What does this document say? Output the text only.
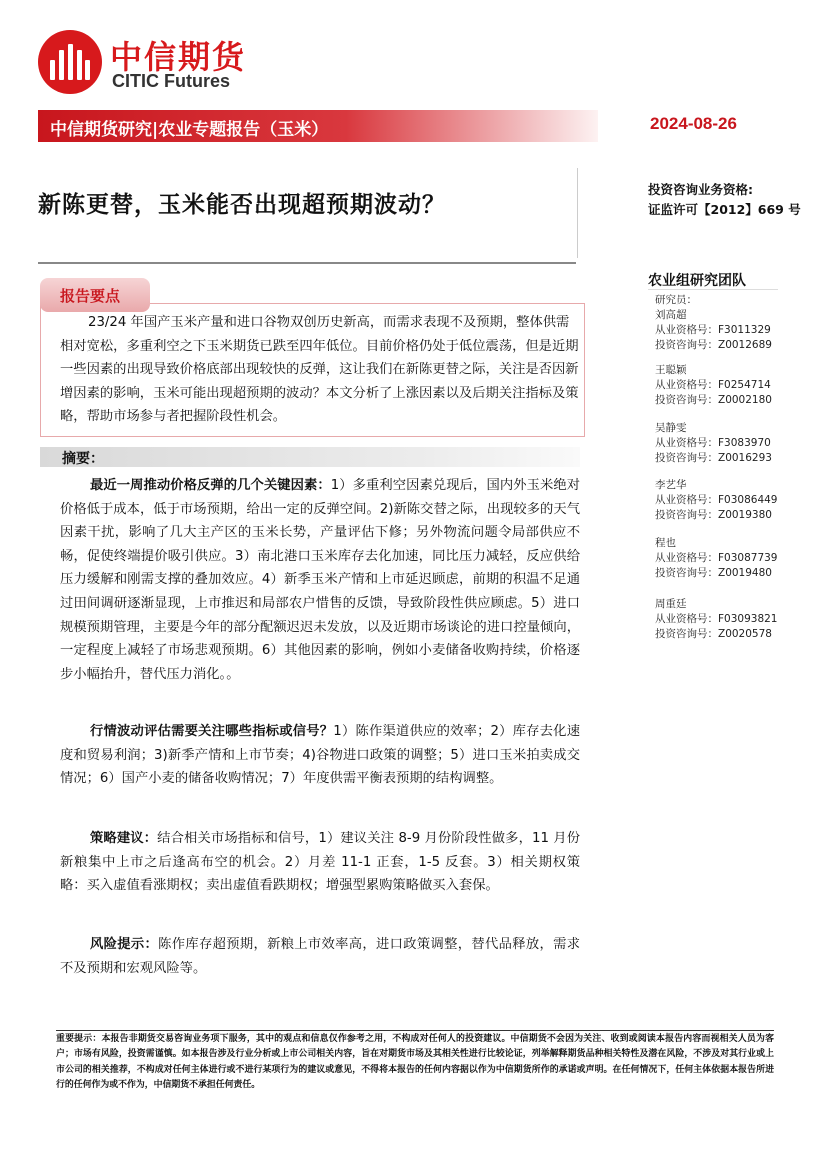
中信期货
CITIC Futures
中信期货研究|农业专题报告（玉米）	2024-08-26
新陈更替，玉米能否出现超预期波动？
投资咨询业务资格:
证监许可【2012】669 号
农业组研究团队
研究员：
刘高超
从业资格号：F3011329
投资咨询号：Z0012689
王聪颖
从业资格号：F0254714
投资咨询号：Z0002180
吴静雯
从业资格号：F3083970
投资咨询号：Z0016293
李艺华
从业资格号：F03086449
投资咨询号：Z0019380
程也
从业资格号：F03087739
投资咨询号：Z0019480
周重廷
从业资格号：F03093821
投资咨询号：Z0020578
报告要点
23/24 年国产玉米产量和进口谷物双创历史新高，而需求表现不及预期，整体供需相对宽松，多重利空之下玉米期货已跌至四年低位。目前价格仍处于低位震荡，但是近期一些因素的出现导致价格底部出现较快的反弹，这让我们在新陈更替之际，关注是否因新增因素的影响，玉米可能出现超预期的波动？本文分析了上涨因素以及后期关注指标及策略，帮助市场参与者把握阶段性机会。
摘要：
最近一周推动价格反弹的几个关键因素：1）多重利空因素兑现后，国内外玉米绝对价格低于成本，低于市场预期，给出一定的反弹空间。2)新陈交替之际，出现较多的天气因素干扰，影响了几大主产区的玉米长势，产量评估下修；另外物流问题令局部供应不畅，促使终端提价吸引供应。3）南北港口玉米库存去化加速，同比压力减轻，反应供给压力缓解和刚需支撑的叠加效应。4）新季玉米产情和上市延迟顾虑，前期的积温不足通过田间调研逐渐显现，上市推迟和局部农户惜售的反馈，导致阶段性供应顾虑。5）进口规模预期管理，主要是今年的部分配额迟迟未发放，以及近期市场谈论的进口控量倾向，一定程度上减轻了市场悲观预期。6）其他因素的影响，例如小麦储备收购持续，价格逐步小幅抬升，替代压力消化。。
行情波动评估需要关注哪些指标或信号？1）陈作渠道供应的效率；2）库存去化速度和贸易利润；3)新季产情和上市节奏；4)谷物进口政策的调整；5）进口玉米拍卖成交情况；6）国产小麦的储备收购情况；7）年度供需平衡表预期的结构调整。
策略建议：结合相关市场指标和信号，1）建议关注 8-9 月份阶段性做多，11 月份新粮集中上市之后逢高布空的机会。2）月差 11-1 正套，1-5 反套。3）相关期权策略：买入虚值看涨期权；卖出虚值看跌期权；增强型累购策略做买入套保。
风险提示：陈作库存超预期，新粮上市效率高，进口政策调整，替代品释放，需求不及预期和宏观风险等。
重要提示：本报告非期货交易咨询业务项下服务，其中的观点和信息仅作参考之用，不构成对任何人的投资建议。中信期货不会因为关注、收到或阅读本报告内容而视相关人员为客户；市场有风险，投资需谨慎。如本报告涉及行业分析或上市公司相关内容，旨在对期货市场及其相关性进行比较论证，列举解释期货品种相关特性及潜在风险，不涉及对其行业或上市公司的相关推荐，不构成对任何主体进行或不进行某项行为的建议或意见，不得将本报告的任何内容据以作为中信期货所作的承诺或声明。在任何情况下，任何主体依据本报告所进行的任何作为或不作为，中信期货不承担任何责任。
